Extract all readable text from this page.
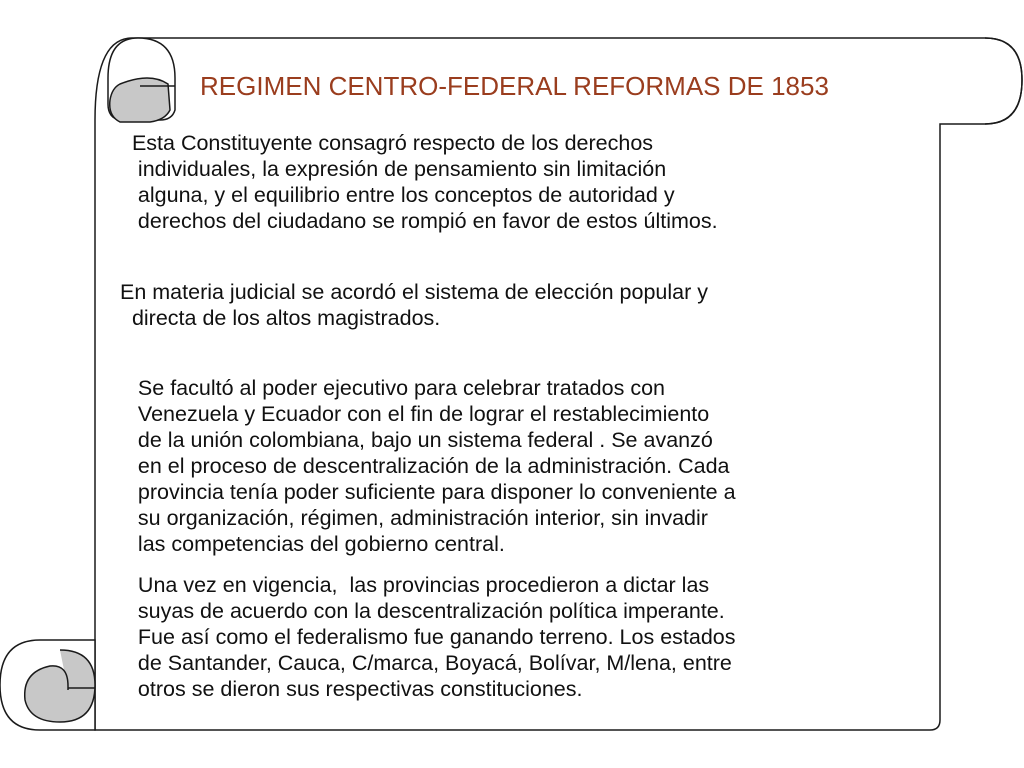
REGIMEN CENTRO-FEDERAL REFORMAS DE 1853

Esta Constituyente consagró respecto de los derechos
individuales, la expresión de pensamiento sin limitación
alguna, y el equilibrio entre los conceptos de autoridad y
derechos del ciudadano se rompió en favor de estos últimos.

En materia judicial se acordó el sistema de elección popular y
directa de los altos magistrados.

Se facultó al poder ejecutivo para celebrar tratados con
Venezuela y Ecuador con el fin de lograr el restablecimiento
de la unión colombiana, bajo un sistema federal . Se avanzó
en el proceso de descentralización de la administración. Cada
provincia tenía poder suficiente para disponer lo conveniente a
su organización, régimen, administración interior, sin invadir
las competencias del gobierno central.

Una vez en vigencia,  las provincias procedieron a dictar las
suyas de acuerdo con la descentralización política imperante.
Fue así como el federalismo fue ganando terreno. Los estados
de Santander, Cauca, C/marca, Boyacá, Bolívar, M/lena, entre
otros se dieron sus respectivas constituciones.
